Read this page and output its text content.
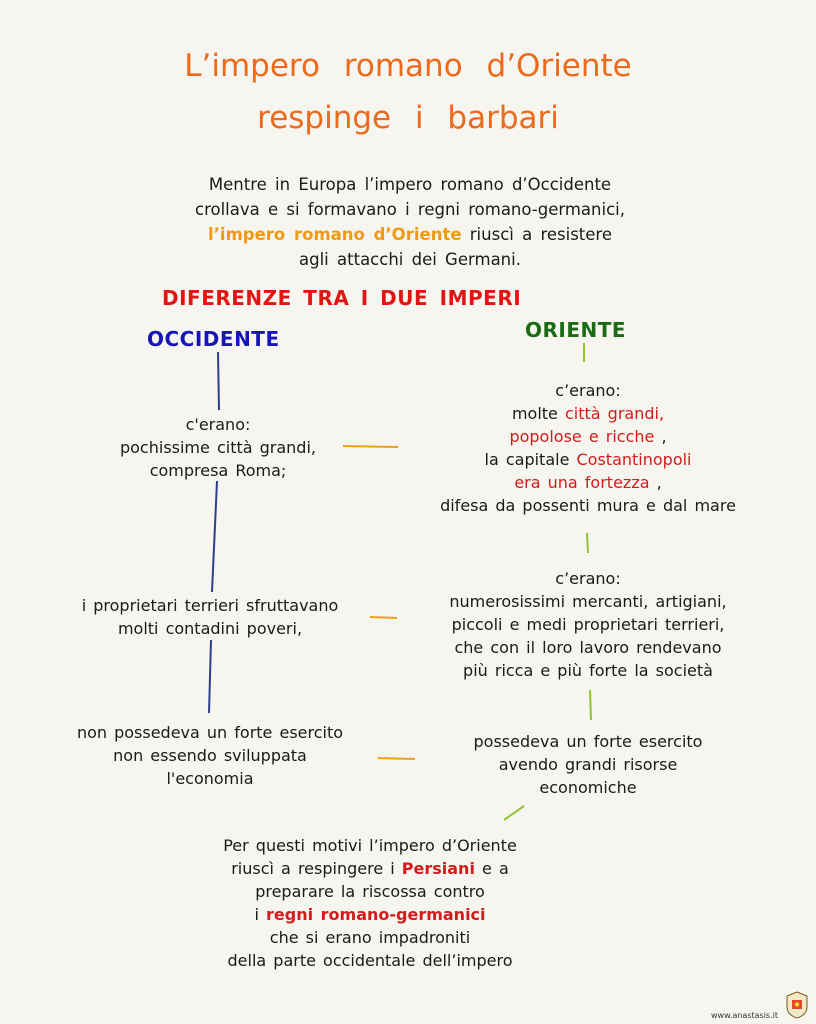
L’impero romano d’Oriente
respinge i barbari
Mentre in Europa l’impero romano d’Occidente
crollava e si formavano i regni romano-germanici,
l’impero romano d’Oriente riuscì a resistere
agli attacchi dei Germani.
DIFERENZE TRA I DUE IMPERI
OCCIDENTE	ORIENTE
c'erano:
pochissime città grandi,
compresa Roma;
i proprietari terrieri sfruttavano
molti contadini poveri,
non possedeva un forte esercito
non essendo sviluppata
l'economia
c’erano:
molte città grandi,
popolose e ricche ,
la capitale Costantinopoli
era una fortezza ,
difesa da possenti mura e dal mare
c’erano:
numerosissimi mercanti, artigiani,
piccoli e medi proprietari terrieri,
che con il loro lavoro rendevano
più ricca e più forte la società
possedeva un forte esercito
avendo grandi risorse
economiche
Per questi motivi l’impero d’Oriente
riuscì a respingere i Persiani e a
preparare la riscossa contro
i regni romano-germanici
che si erano impadroniti
della parte occidentale dell’impero
www.anastasis.it
